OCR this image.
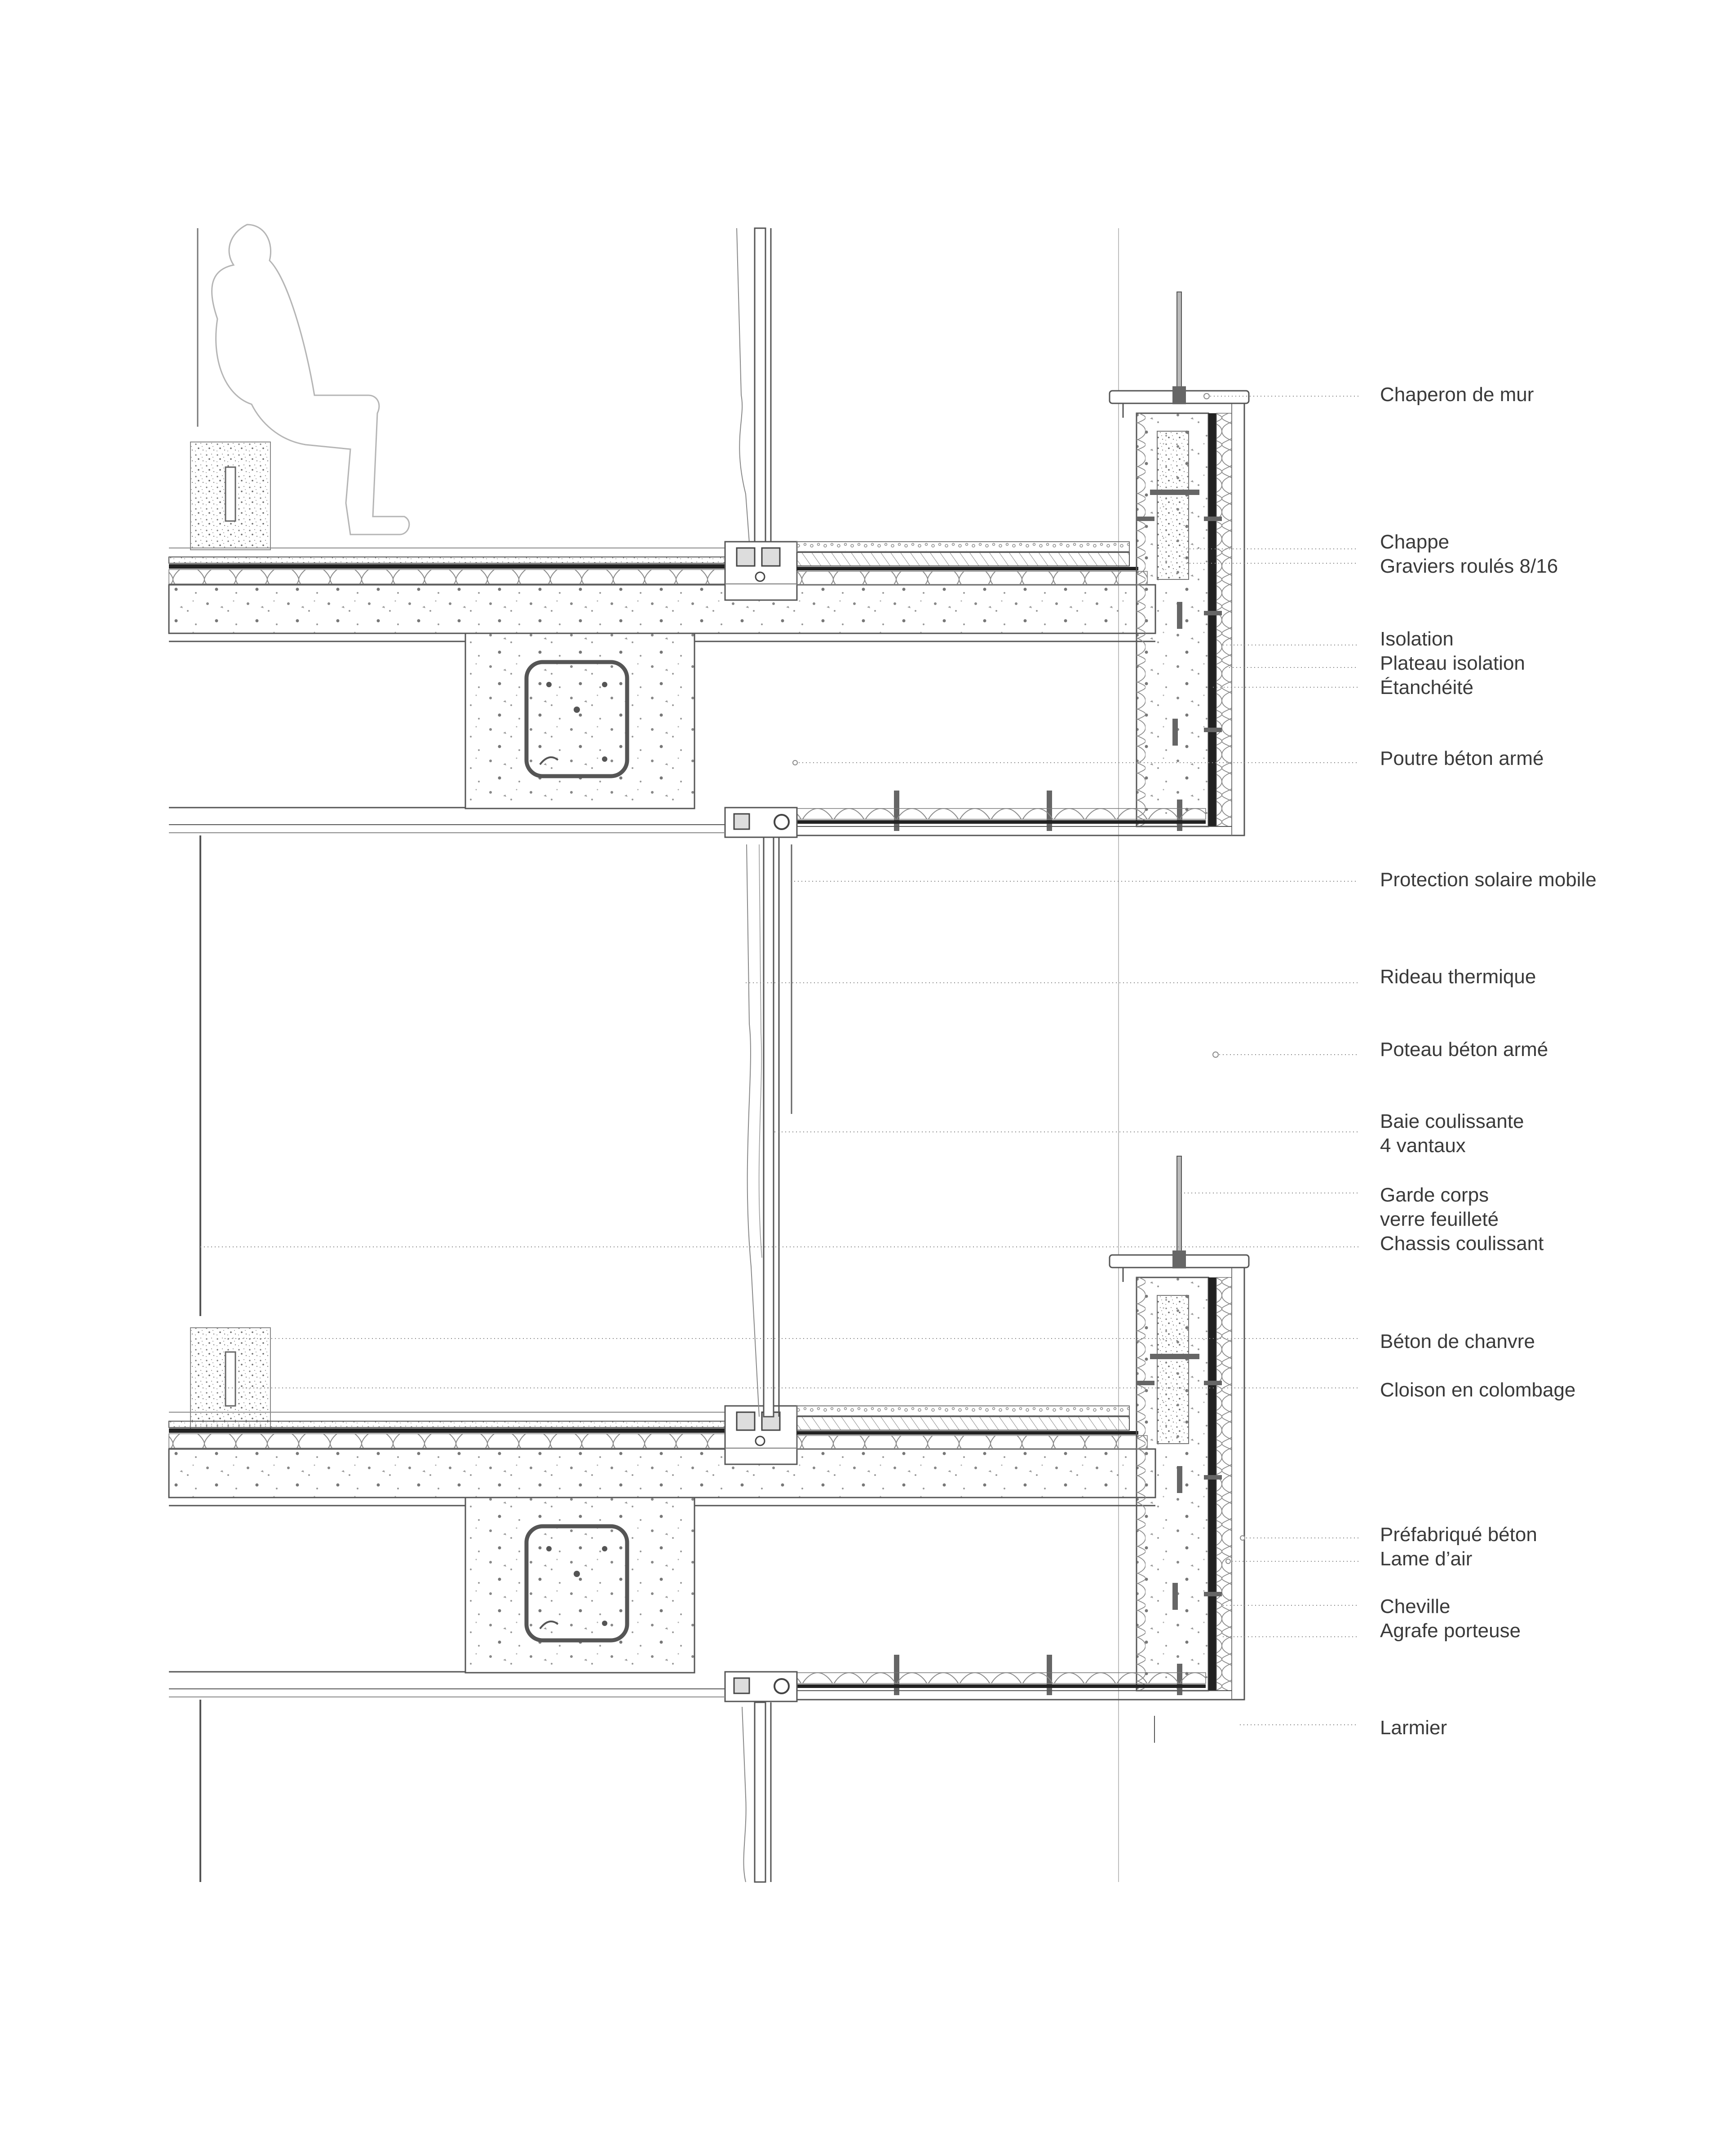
Chaperon de mur
Chappe
Graviers roulés 8/16
Isolation
Plateau isolation
Étanchéité
Poutre béton armé
Protection solaire mobile
Rideau thermique
Poteau béton armé
Baie coulissante
4 vantaux
Garde corps
verre feuilleté
Chassis coulissant
Béton de chanvre
Cloison en colombage
Préfabriqué béton
Lame d’air
Cheville
Agrafe porteuse
Larmier
